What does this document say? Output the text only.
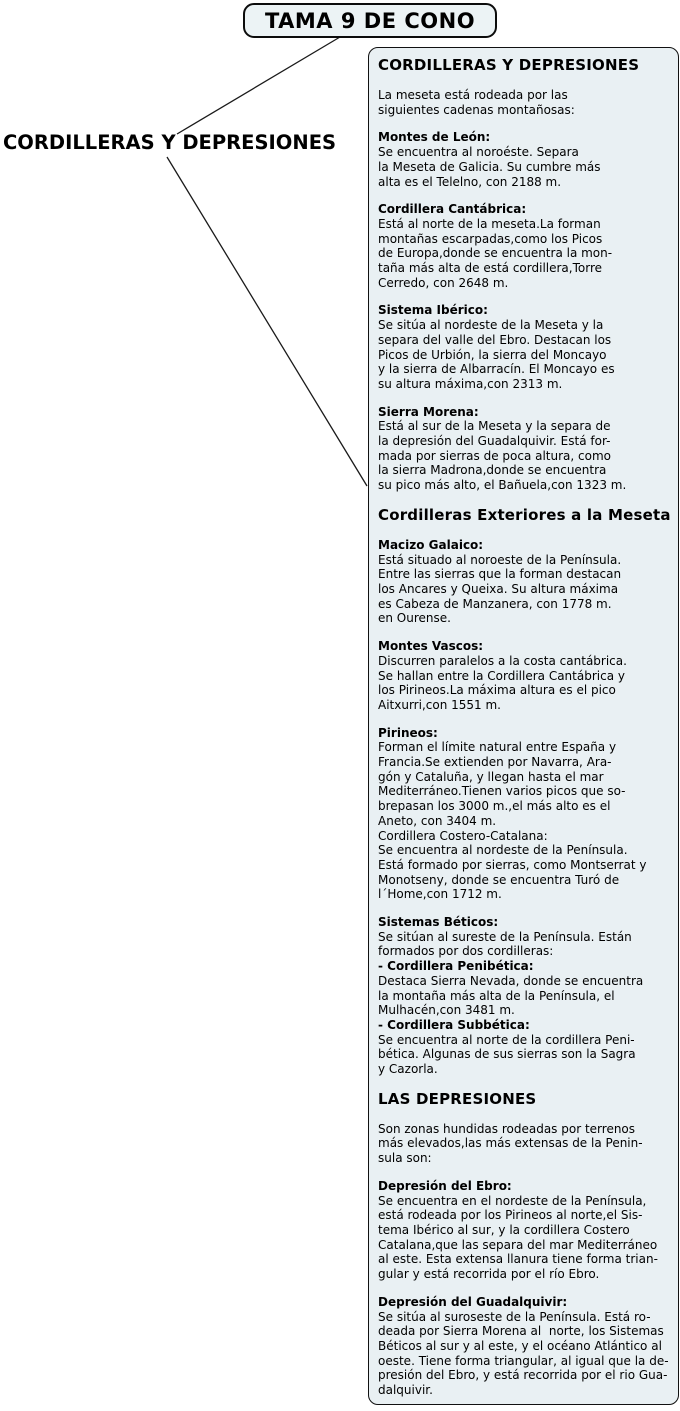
TAMA 9 DE CONO
CORDILLERAS Y DEPRESIONES
CORDILLERAS Y DEPRESIONES
La meseta está rodeada por las
siguientes cadenas montañosas:
Montes de León:
Se encuentra al noroéste. Separa
la Meseta de Galicia. Su cumbre más
alta es el Telelno, con 2188 m.
Cordillera Cantábrica:
Está al norte de la meseta.La forman
montañas escarpadas,como los Picos
de Europa,donde se encuentra la mon-
taña más alta de está cordillera,Torre
Cerredo, con 2648 m.
Sistema Ibérico:
Se sitúa al nordeste de la Meseta y la
separa del valle del Ebro. Destacan los
Picos de Urbión, la sierra del Moncayo
y la sierra de Albarracín. El Moncayo es
su altura máxima,con 2313 m.
Sierra Morena:
Está al sur de la Meseta y la separa de
la depresión del Guadalquivir. Está for-
mada por sierras de poca altura, como
la sierra Madrona,donde se encuentra
su pico más alto, el Bañuela,con 1323 m.
Cordilleras Exteriores a la Meseta
Macizo Galaico:
Está situado al noroeste de la Península.
Entre las sierras que la forman destacan
los Ancares y Queixa. Su altura máxima
es Cabeza de Manzanera, con 1778 m.
en Ourense.
Montes Vascos:
Discurren paralelos a la costa cantábrica.
Se hallan entre la Cordillera Cantábrica y
los Pirineos.La máxima altura es el pico
Aitxurri,con 1551 m.
Pirineos:
Forman el límite natural entre España y
Francia.Se extienden por Navarra, Ara-
gón y Cataluña, y llegan hasta el mar
Mediterráneo.Tienen varios picos que so-
brepasan los 3000 m.,el más alto es el
Aneto, con 3404 m.
Cordillera Costero-Catalana:
Se encuentra al nordeste de la Península.
Está formado por sierras, como Montserrat y
Monotseny, donde se encuentra Turó de
l´Home,con 1712 m.
Sistemas Béticos:
Se sitúan al sureste de la Península. Están
formados por dos cordilleras:
- Cordillera Penibética:
Destaca Sierra Nevada, donde se encuentra
la montaña más alta de la Península, el
Mulhacén,con 3481 m.
- Cordillera Subbética:
Se encuentra al norte de la cordillera Peni-
bética. Algunas de sus sierras son la Sagra
y Cazorla.
LAS DEPRESIONES
Son zonas hundidas rodeadas por terrenos
más elevados,las más extensas de la Penin-
sula son:
Depresión del Ebro:
Se encuentra en el nordeste de la Península,
está rodeada por los Pirineos al norte,el Sis-
tema Ibérico al sur, y la cordillera Costero
Catalana,que las separa del mar Mediterráneo
al este. Esta extensa llanura tiene forma trian-
gular y está recorrida por el río Ebro.
Depresión del Guadalquivir:
Se sitúa al suroseste de la Península. Está ro-
deada por Sierra Morena al  norte, los Sistemas
Béticos al sur y al este, y el océano Atlántico al
oeste. Tiene forma triangular, al igual que la de-
presión del Ebro, y está recorrida por el rio Gua-
dalquivir.
